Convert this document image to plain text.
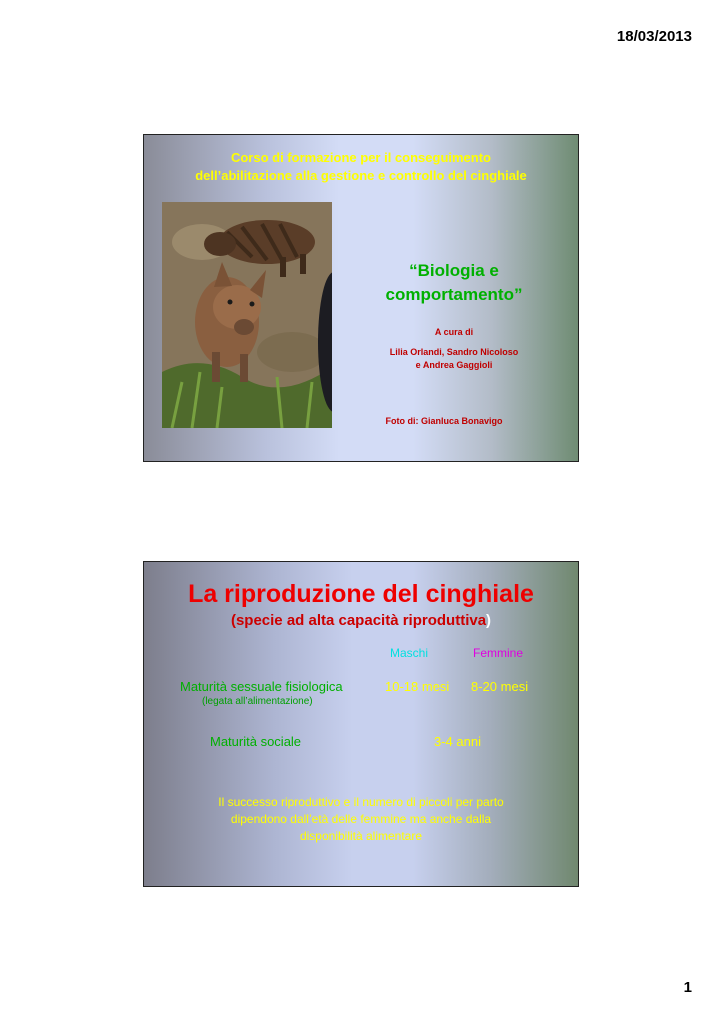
18/03/2013
Corso di formazione per il conseguimento
dell’abilitazione alla gestione e controllo del cinghiale
“Biologia e
comportamento”
A cura di
Lilia Orlandi, Sandro Nicoloso
e Andrea Gaggioli
Foto di: Gianluca Bonavigo
La riproduzione del cinghiale
(specie ad alta capacità riproduttiva)
Maschi	Femmine
Maturità sessuale fisiologica
(legata all’alimentazione)
10-18 mesi 8-20 mesi
Maturità sociale	3-4 anni
Il successo riproduttivo e il numero di piccoli per parto
dipendono dall’età delle femmine ma anche dalla
disponibilità alimentare
1
